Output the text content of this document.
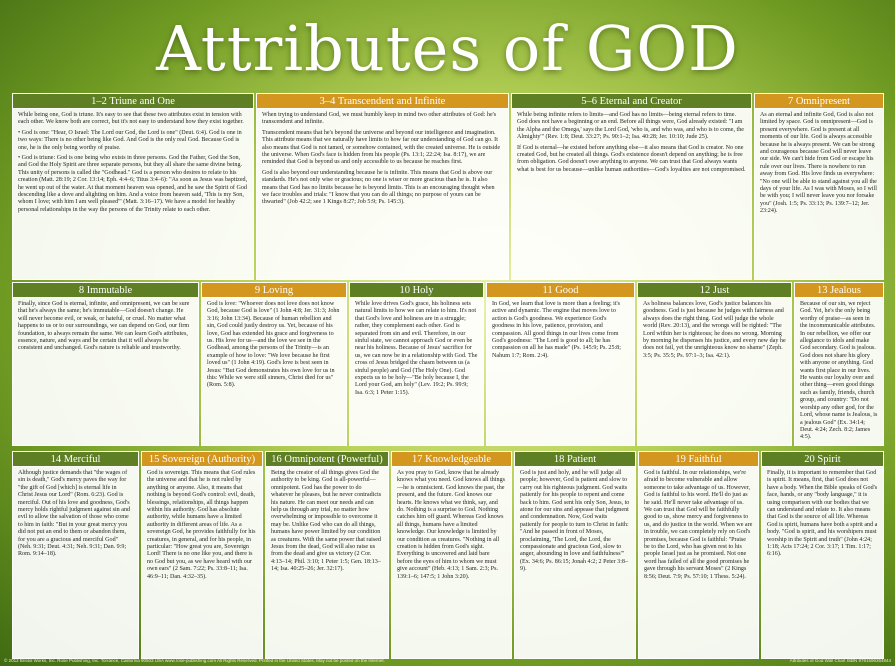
Attributes of GOD
1–2 Triune and One

While being one, God is triune. It's easy to see that these two attributes exist in tension with each other. We know both are correct, but it's not easy to understand how they exist together.

• God is one: "Hear, O Israel: The Lord our God, the Lord is one" (Deut. 6:4). God is one in two ways: There is no other being like God. And God is the only real God. Because God is one, he is the only being worthy of praise.

• God is triune: God is one being who exists in three persons. God the Father, God the Son, and God the Holy Spirit are three separate persons, but they all share the same divine being. This unity of persons is called the "Godhead." God is a person who desires to relate to his creation (Matt. 28:19; 2 Cor. 13:14; Eph. 4:4–6; Titus 3:4–6): "As soon as Jesus was baptized, he went up out of the water. At that moment heaven was opened, and he saw the Spirit of God descending like a dove and alighting on him. And a voice from heaven said, 'This is my Son, whom I love; with him I am well pleased'" (Matt. 3:16–17). We have a model for healthy personal relationships in the way the persons of the Trinity relate to each other.

3–4 Transcendent and Infinite

When trying to understand God, we must humbly keep in mind two other attributes of God: he's transcendent and infinite.

Transcendent means that he's beyond the universe and beyond our intelligence and imagination. This attribute means that we naturally have limits to how far our understanding of God can go. It also means that God is not tamed, or somehow contained, with the created universe. He is outside the universe. When God's face is hidden from his people (Ps. 13:1; 22:24; Isa. 8:17), we are reminded that God is beyond us and only accessible to us because he reaches first.

God is also beyond our understanding because he is infinite. This means that God is above our standards. He's not only wise or gracious; no one is wiser or more gracious than he is. It also means that God has no limits because he is beyond limits. This is an encouraging thought when we face troubles and trials: "I know that you can do all things; no purpose of yours can be thwarted" (Job 42:2; see 1 Kings 8:27; Job 5:9; Ps. 145:3).

5–6 Eternal and Creator

While being infinite refers to limits—and God has no limits—being eternal refers to time. God does not have a beginning or an end. Before all things were, God already existed: "I am the Alpha and the Omega,' says the Lord God, 'who is, and who was, and who is to come, the Almighty'" (Rev. 1:8; Deut. 33:27; Ps. 90:1–2; Isa. 40:28; Jer. 10:10; Jude 25).

If God is eternal—he existed before anything else—it also means that God is creator. No one created God, but he created all things. God's existence doesn't depend on anything; he is free from obligation. God doesn't owe anything to anyone. We can trust that God always wants what is best for us because—unlike human authorities—God's loyalties are not compromised.

7 Omnipresent

As an eternal and infinite God, God is also not limited by space. God is omnipresent—God is present everywhere. God is present at all moments of our life. God is always accessible because he is always present. We can be strong and courageous because God will never leave our side. We can't hide from God or escape his rule over our lives. There is nowhere to run away from God. His love finds us everywhere: "No one will be able to stand against you all the days of your life. As I was with Moses, so I will be with you; I will never leave you nor forsake you" (Josh. 1:5; Ps. 33:13; Ps. 139:7–12; Jer. 23:24).

8 Immutable

Finally, since God is eternal, infinite, and omnipresent, we can be sure that he's always the same; he's immutable—God doesn't change. He will never become evil, or weak, or hateful, or cruel. No matter what happens to us or to our surroundings, we can depend on God, our firm foundation, to always remain the same. We can learn God's attributes, essence, nature, and ways and be certain that it will always be consistent and unchanged. God's nature is reliable and trustworthy.

9 Loving

God is love: "Whoever does not love does not know God, because God is love" (1 John 4:8; Jer. 31:3; John 3:16; John 13:34). Because of human rebellion and sin, God could justly destroy us. Yet, because of his love, God has extended his grace and forgiveness to us. His love for us—and the love we see in the Godhead, among the persons of the Trinity—is an example of how to love: "We love because he first loved us" (1 John 4:19). God's love is best seen in Jesus: "But God demonstrates his own love for us in this: While we were still sinners, Christ died for us" (Rom. 5:8).

10 Holy

While love drives God's grace, his holiness sets natural limits to how we can relate to him. It's not that God's love and holiness are in a struggle; rather, they complement each other. God is separated from sin and evil. Therefore, in our sinful state, we cannot approach God or even be near his holiness. Because of Jesus' sacrifice for us, we can now be in a relationship with God. The cross of Jesus bridged the chasm between us (a sinful people) and God (The Holy One). God expects us to be holy—"Be holy because I, the Lord your God, am holy" (Lev. 19:2; Ps. 99:9; Isa. 6:3; 1 Peter 1:15).

11 Good

In God, we learn that love is more than a feeling; it's active and dynamic. The engine that moves love to action is God's goodness. We experience God's goodness in his love, patience, provision, and compassion. All good things in our lives come from God's goodness: "The Lord is good to all; he has compassion on all he has made" (Ps. 145:9; Ps. 25:8; Nahum 1:7; Rom. 2:4).

12 Just

As holiness balances love, God's justice balances his goodness. God is just because he judges with fairness and always does the right thing. God will judge the whole world (Rev. 20:13), and the wrongs will be righted: "The Lord within her is righteous; he does no wrong. Morning by morning he dispenses his justice, and every new day he does not fail, yet the unrighteous know no shame" (Zeph. 3:5; Ps. 35:5; Ps. 97:1–3; Isa. 42:1).

13 Jealous

Because of our sin, we reject God. Yet, he's the only being worthy of praise—as seen in the incommunicable attributes. In our rebellion, we offer our allegiance to idols and make God secondary. God is jealous. God does not share his glory with anyone or anything. God wants first place in our lives. He wants our loyalty over and other thing—even good things such as family, friends, church group, and country: "Do not worship any other god, for the Lord, whose name is Jealous, is a jealous God" (Ex. 34:14; Deut. 4:24; Zech. 8:2; James 4:5).

14 Merciful

Although justice demands that "the wages of sin is death," God's mercy paves the way for "the gift of God [which] is eternal life in Christ Jesus our Lord" (Rom. 6:23). God is merciful. Out of his love and goodness, God's mercy holds rightful judgment against sin and evil to allow the salvation of those who come to him in faith: "But in your great mercy you did not put an end to them or abandon them, for you are a gracious and merciful God" (Neh. 9:31; Deut. 4:31; Neh. 9:31; Dan. 9:9; Rom. 9:14–18).

15 Sovereign (Authority)

God is sovereign. This means that God rules the universe and that he is not ruled by anything or anyone. Also, it means that nothing is beyond God's control: evil, death, blessings, relationships, all things happen within his authority. God has absolute authority, while humans have a limited authority in different areas of life. As a sovereign God, he provides faithfully for his creatures, in general, and for his people, in particular: "How great you are, Sovereign Lord! There is no one like you, and there is no God but you, as we have heard with our own ears" (2 Sam. 7:22; Ps. 33:8–11; Isa. 46:9–11; Dan. 4:32–35).

16 Omnipotent (Powerful)

Being the creator of all things gives God the authority to be king. God is all-powerful—omnipotent. God has the power to do whatever he pleases, but he never contradicts his nature. He can meet our needs and can help us through any trial, no matter how overwhelming or impossible to overcome it may be. Unlike God who can do all things, humans have power limited by our condition as creatures. With the same power that raised Jesus from the dead, God will also raise us from the dead and give us victory (2 Cor. 4:13–14; Phil. 3:10; 1 Peter 1:5; Gen. 18:13–14; Isa. 40:25–26; Jer. 32:17).

17 Knowledgeable

As you pray to God, know that he already knows what you need. God knows all things—he is omniscient. God knows the past, the present, and the future. God knows our hearts. He knows what we think, say, and do. Nothing is a surprise to God. Nothing catches him off guard. Whereas God knows all things, humans have a limited knowledge. Our knowledge is limited by our condition as creatures. "Nothing in all creation is hidden from God's sight. Everything is uncovered and laid bare before the eyes of him to whom we must give account" (Heb. 4:13; 1 Sam. 2:3; Ps. 139:1–6; 147:5; 1 John 3:20).

18 Patient

God is just and holy, and he will judge all people; however, God is patient and slow to carry out his righteous judgment. God waits patiently for his people to repent and come back to him. God sent his only Son, Jesus, to atone for our sins and appease that judgment and condemnation. Now, God waits patiently for people to turn to Christ in faith: "And he passed in front of Moses, proclaiming, 'The Lord, the Lord, the compassionate and gracious God, slow to anger, abounding in love and faithfulness'" (Ex. 34:6; Ps. 86:15; Jonah 4:2; 2 Peter 3:8–9).

19 Faithful

God is faithful. In our relationships, we're afraid to become vulnerable and allow someone to take advantage of us. However, God is faithful to his word. He'll do just as he said. He'll never take advantage of us. We can trust that God will be faithfully good to us, show mercy and forgiveness to us, and do justice in the world. When we are in trouble, we can completely rely on God's promises, because God is faithful: "Praise be to the Lord, who has given rest to his people Israel just as he promised. Not one word has failed of all the good promises he gave through his servant Moses" (2 Kings 8:56; Deut. 7:9; Ps. 57:10; 1 Thess. 5:24).

20 Spirit

Finally, it is important to remember that God is spirit. It means, first, that God does not have a body. When the Bible speaks of God's face, hands, or any "body language," it is using comparison with our bodies that we can understand and relate to. It also means that God is the source of all life. Whereas God is spirit, humans have both a spirit and a body. "God is spirit, and his worshipers must worship in the Spirit and truth" (John 4:24; 1:18; Acts 17:24; 2 Cor. 3:17; 1 Tim. 1:17; 6:16).

© 2012 Bristol Works, Inc. Rose Publishing, Inc. Torrance, California 90503 USA www.rose-publishing.com All Rights Reserved. Printed in the United States. May not be posted on the Internet.	Attributes of God Wall Chart ISBN 9781596364844
